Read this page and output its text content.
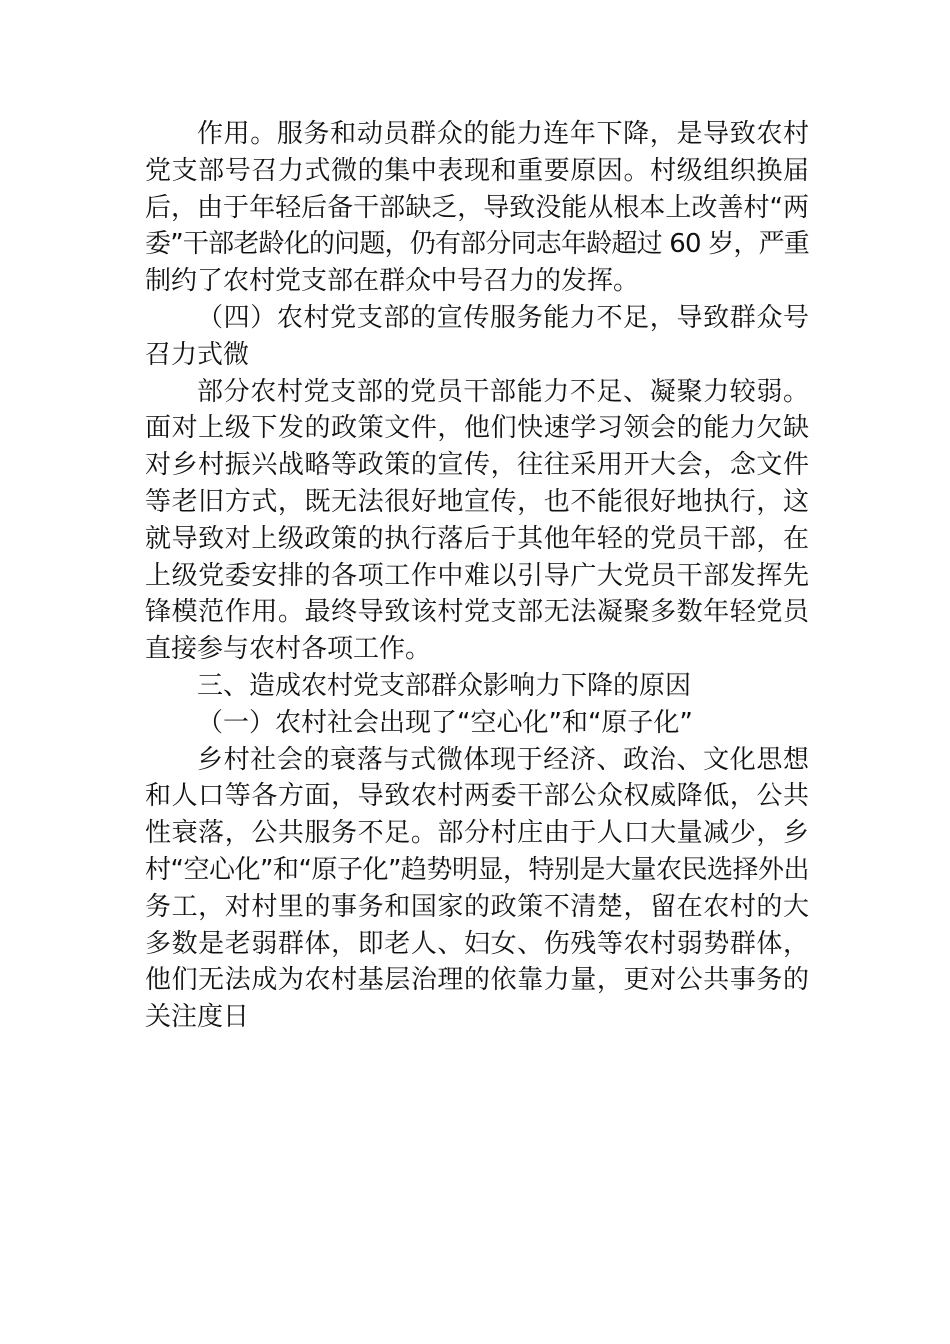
作用。服务和动员群众的能力连年下降，是导致农村
党支部号召力式微的集中表现和重要原因。村级组织换届
后，由于年轻后备干部缺乏，导致没能从根本上改善村“两
委”干部老龄化的问题，仍有部分同志年龄超过 60 岁，严重
制约了农村党支部在群众中号召力的发挥。
（四）农村党支部的宣传服务能力不足，导致群众号
召力式微
部分农村党支部的党员干部能力不足、凝聚力较弱。
面对上级下发的政策文件，他们快速学习领会的能力欠缺
对乡村振兴战略等政策的宣传，往往采用开大会，念文件
等老旧方式，既无法很好地宣传，也不能很好地执行，这
就导致对上级政策的执行落后于其他年轻的党员干部，在
上级党委安排的各项工作中难以引导广大党员干部发挥先
锋模范作用。最终导致该村党支部无法凝聚多数年轻党员
直接参与农村各项工作。
三、造成农村党支部群众影响力下降的原因
（一）农村社会出现了“空心化”和“原子化”
乡村社会的衰落与式微体现于经济、政治、文化思想
和人口等各方面，导致农村两委干部公众权威降低，公共
性衰落，公共服务不足。部分村庄由于人口大量减少，乡
村“空心化”和“原子化”趋势明显，特别是大量农民选择外出
务工，对村里的事务和国家的政策不清楚，留在农村的大
多数是老弱群体，即老人、妇女、伤残等农村弱势群体，
他们无法成为农村基层治理的依靠力量，更对公共事务的
关注度日
